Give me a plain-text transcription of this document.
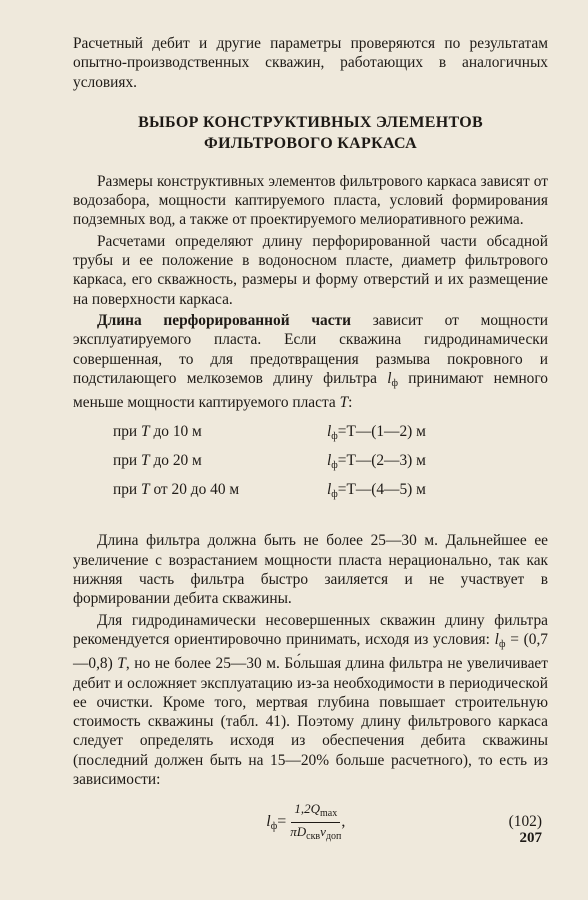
Расчетный дебит и другие параметры проверяются по результатам опытно-производственных скважин, работающих в аналогичных условиях.

ВЫБОР КОНСТРУКТИВНЫХ ЭЛЕМЕНТОВ
ФИЛЬТРОВОГО КАРКАСА

Размеры конструктивных элементов фильтрового каркаса зависят от водозабора, мощности каптируемого пласта, условий формирования подземных вод, а также от проектируемого мелиоративного режима.

Расчетами определяют длину перфорированной части обсадной трубы и ее положение в водоносном пласте, диаметр фильтрового каркаса, его скважность, размеры и форму отверстий и их размещение на поверхности каркаса.

Длина перфорированной части зависит от мощности эксплуатируемого пласта. Если скважина гидродинамически совершенная, то для предотвращения размыва покровного и подстилающего мелкоземов длину фильтра $l_ф$ принимают немного меньше мощности каптируемого пласта T:

при T до 10 м	$l_ф=T—(1—2)$ м
при T до 20 м	$l_ф=T—(2—3)$ м
при T от 20 до 40 м	$l_ф=T—(4—5)$ м

Длина фильтра должна быть не более 25—30 м. Дальнейшее ее увеличение с возрастанием мощности пласта нерационально, так как нижняя часть фильтра быстро заиляется и не участвует в формировании дебита скважины.

Для гидродинамически несовершенных скважин длину фильтра рекомендуется ориентировочно принимать, исходя из условия: $l_ф$ = (0,7—0,8) T, но не более 25—30 м. Бо́льшая длина фильтра не увеличивает дебит и осложняет эксплуатацию из-за необходимости в периодической ее очистки. Кроме того, мертвая глубина повышает строительную стоимость скважины (табл. 41). Поэтому длину фильтрового каркаса следует определять исходя из обеспечения дебита скважины (последний должен быть на 15—20% больше расчетного), то есть из зависимости:

$l_ф = \frac{1,2Q_{max}}{\pi D_{скв}v_{доп}}$ ,	(102)
207
